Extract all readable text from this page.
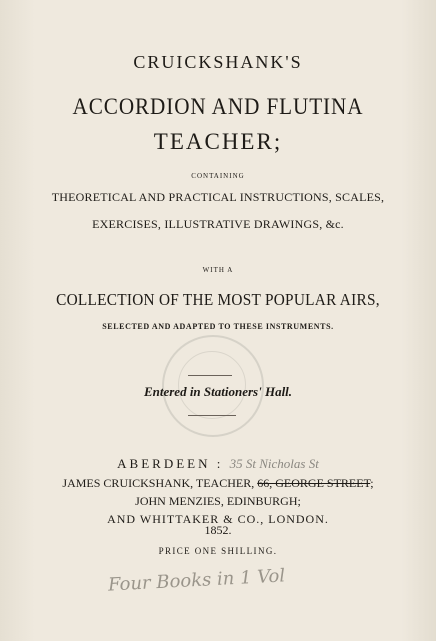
CRUICKSHANK'S
ACCORDION AND FLUTINA
TEACHER;
CONTAINING
THEORETICAL AND PRACTICAL INSTRUCTIONS, SCALES,
EXERCISES, ILLUSTRATIVE DRAWINGS, &c.
WITH A
COLLECTION OF THE MOST POPULAR AIRS,
SELECTED AND ADAPTED TO THESE INSTRUMENTS.
Entered in Stationers' Hall.
ABERDEEN : 35 St Nicholas St
JAMES CRUICKSHANK, TEACHER, 66, GEORGE STREET;
JOHN MENZIES, EDINBURGH;
AND WHITTAKER & CO., LONDON.
1852.
PRICE ONE SHILLING.
Four Books in 1 Vol
